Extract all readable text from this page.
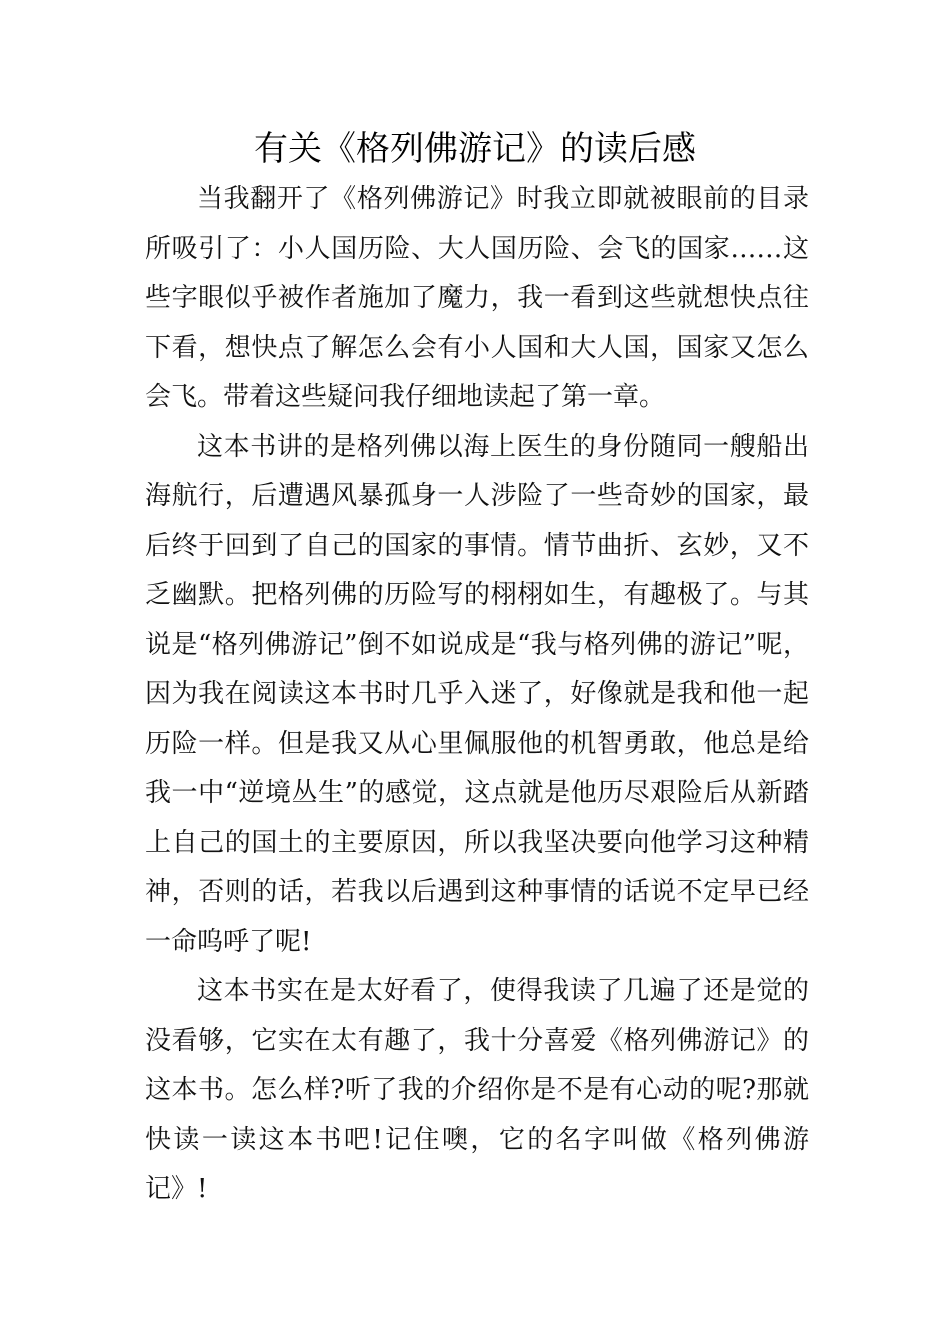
有关《格列佛游记》的读后感

当我翻开了《格列佛游记》时我立即就被眼前的目录所吸引了：小人国历险、大人国历险、会飞的国家……这些字眼似乎被作者施加了魔力，我一看到这些就想快点往下看，想快点了解怎么会有小人国和大人国，国家又怎么会飞。带着这些疑问我仔细地读起了第一章。

这本书讲的是格列佛以海上医生的身份随同一艘船出海航行，后遭遇风暴孤身一人涉险了一些奇妙的国家，最后终于回到了自己的国家的事情。情节曲折、玄妙，又不乏幽默。把格列佛的历险写的栩栩如生，有趣极了。与其说是“格列佛游记”倒不如说成是“我与格列佛的游记”呢，因为我在阅读这本书时几乎入迷了，好像就是我和他一起历险一样。但是我又从心里佩服他的机智勇敢，他总是给我一中“逆境丛生”的感觉，这点就是他历尽艰险后从新踏上自己的国土的主要原因，所以我坚决要向他学习这种精神，否则的话，若我以后遇到这种事情的话说不定早已经一命呜呼了呢!

这本书实在是太好看了，使得我读了几遍了还是觉的没看够，它实在太有趣了，我十分喜爱《格列佛游记》的这本书。怎么样?听了我的介绍你是不是有心动的呢?那就快读一读这本书吧!记住噢，它的名字叫做《格列佛游记》!
